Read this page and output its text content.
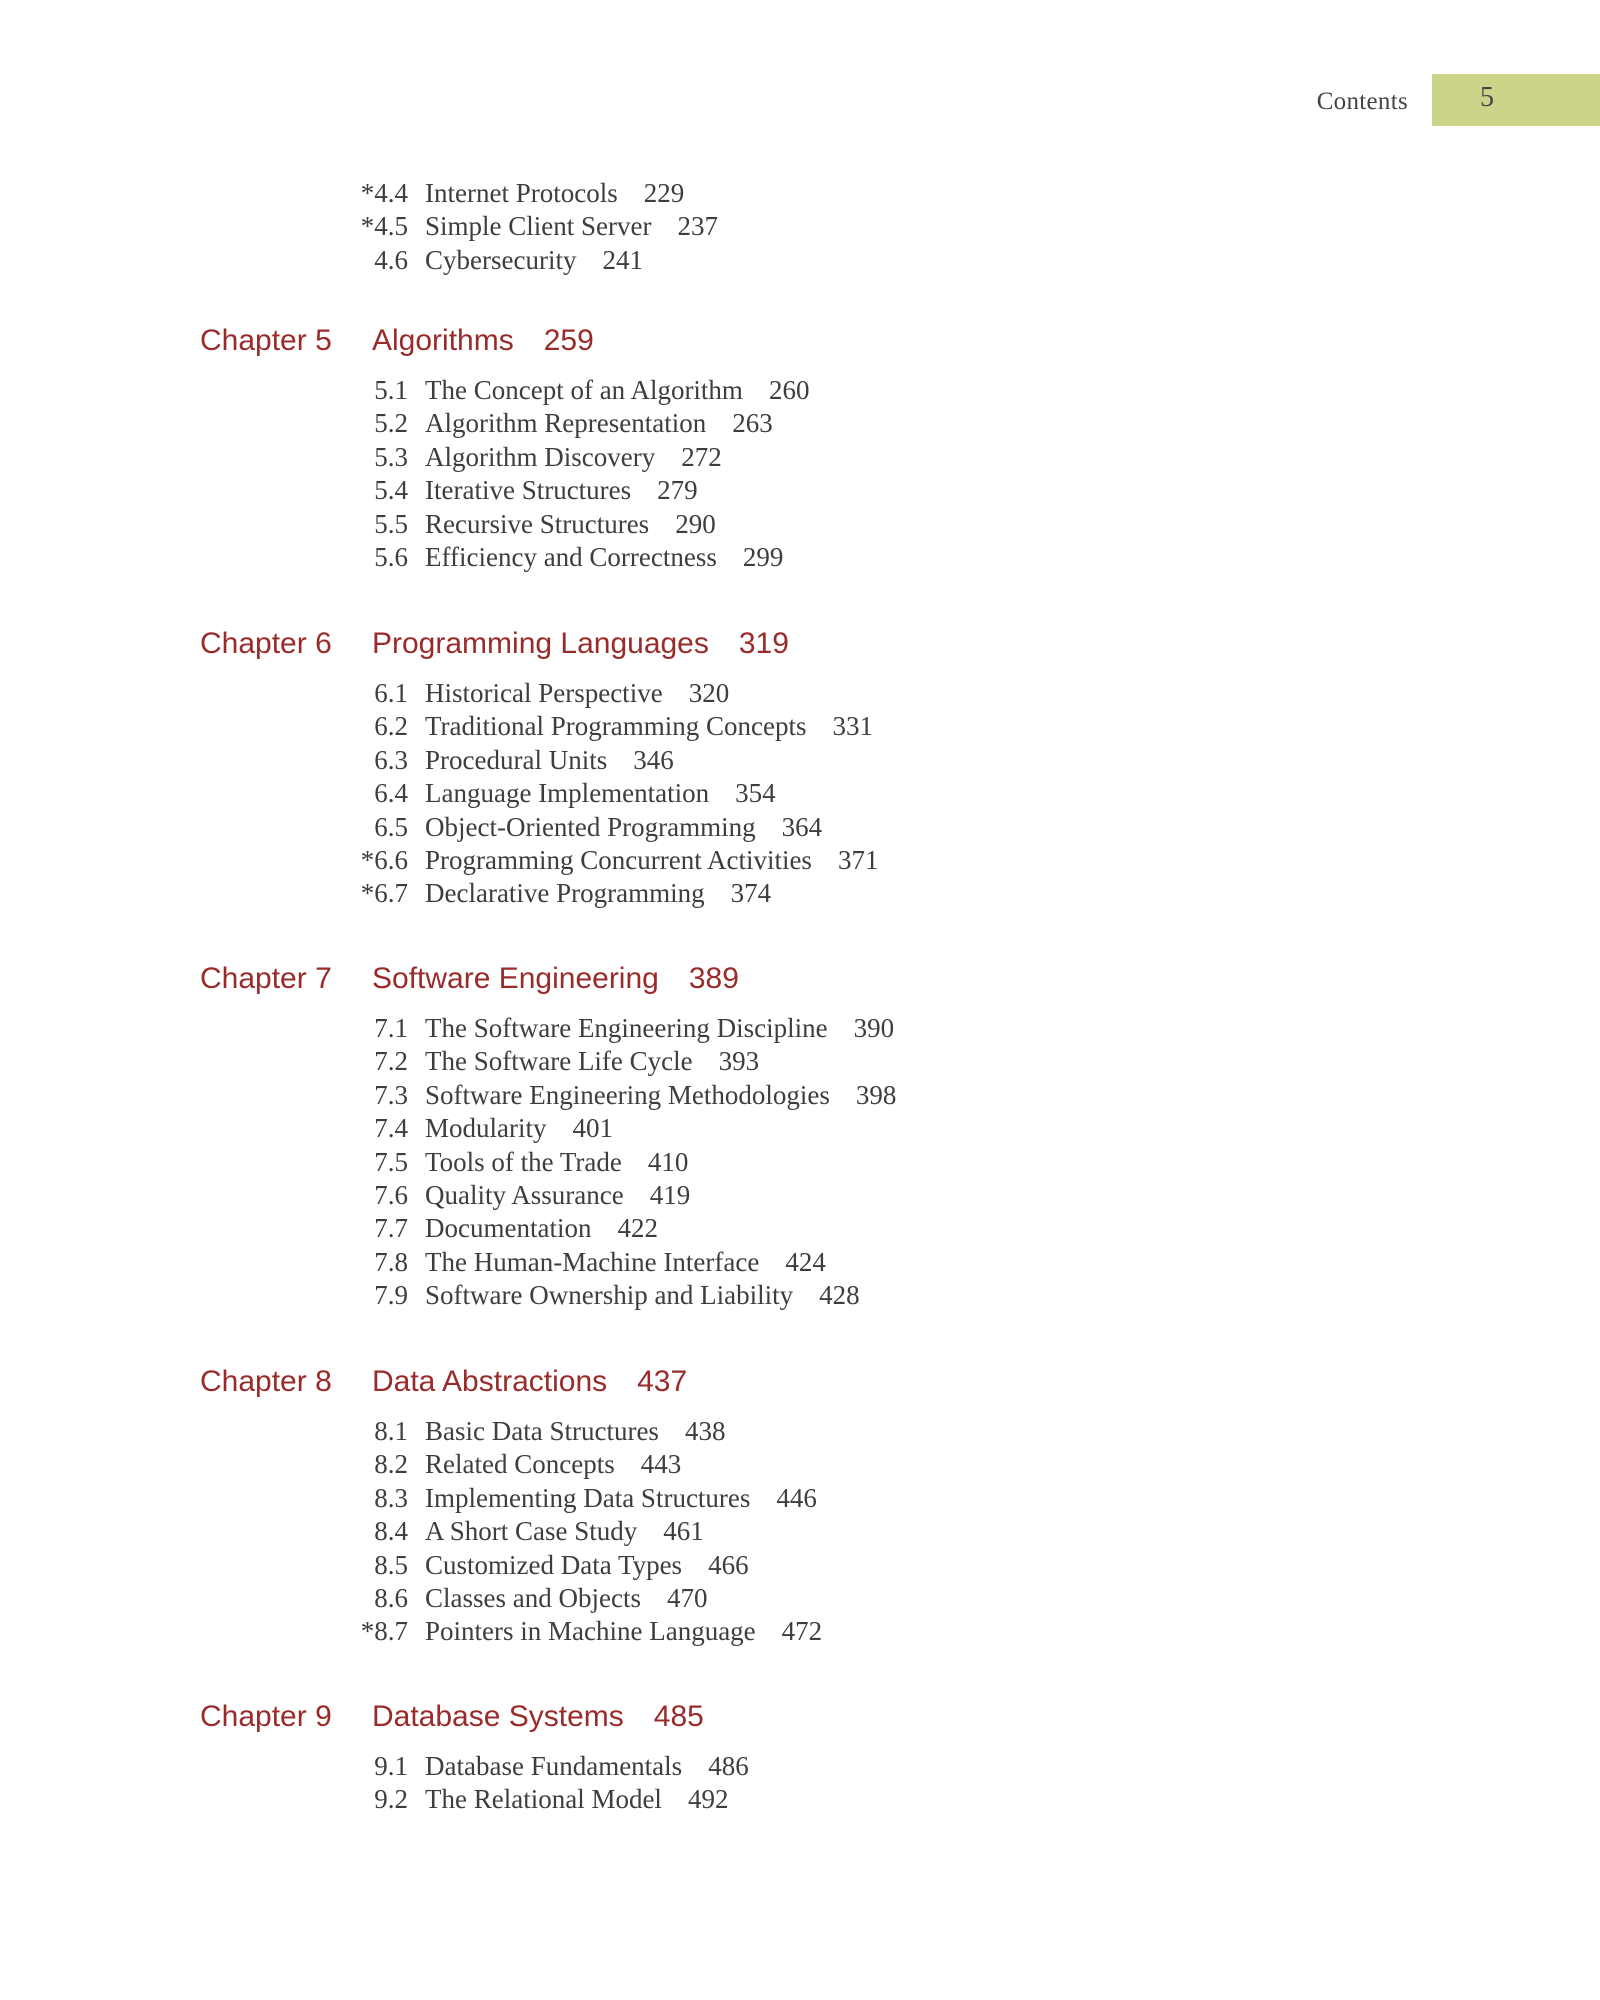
Contents	5
*4.4 Internet Protocols 229
*4.5 Simple Client Server 237
4.6 Cybersecurity 241
Chapter 5 Algorithms 259
5.1 The Concept of an Algorithm 260
5.2 Algorithm Representation 263
5.3 Algorithm Discovery 272
5.4 Iterative Structures 279
5.5 Recursive Structures 290
5.6 Efficiency and Correctness 299
Chapter 6 Programming Languages 319
6.1 Historical Perspective 320
6.2 Traditional Programming Concepts 331
6.3 Procedural Units 346
6.4 Language Implementation 354
6.5 Object-Oriented Programming 364
*6.6 Programming Concurrent Activities 371
*6.7 Declarative Programming 374
Chapter 7 Software Engineering 389
7.1 The Software Engineering Discipline 390
7.2 The Software Life Cycle 393
7.3 Software Engineering Methodologies 398
7.4 Modularity 401
7.5 Tools of the Trade 410
7.6 Quality Assurance 419
7.7 Documentation 422
7.8 The Human-Machine Interface 424
7.9 Software Ownership and Liability 428
Chapter 8 Data Abstractions 437
8.1 Basic Data Structures 438
8.2 Related Concepts 443
8.3 Implementing Data Structures 446
8.4 A Short Case Study 461
8.5 Customized Data Types 466
8.6 Classes and Objects 470
*8.7 Pointers in Machine Language 472
Chapter 9 Database Systems 485
9.1 Database Fundamentals 486
9.2 The Relational Model 492
